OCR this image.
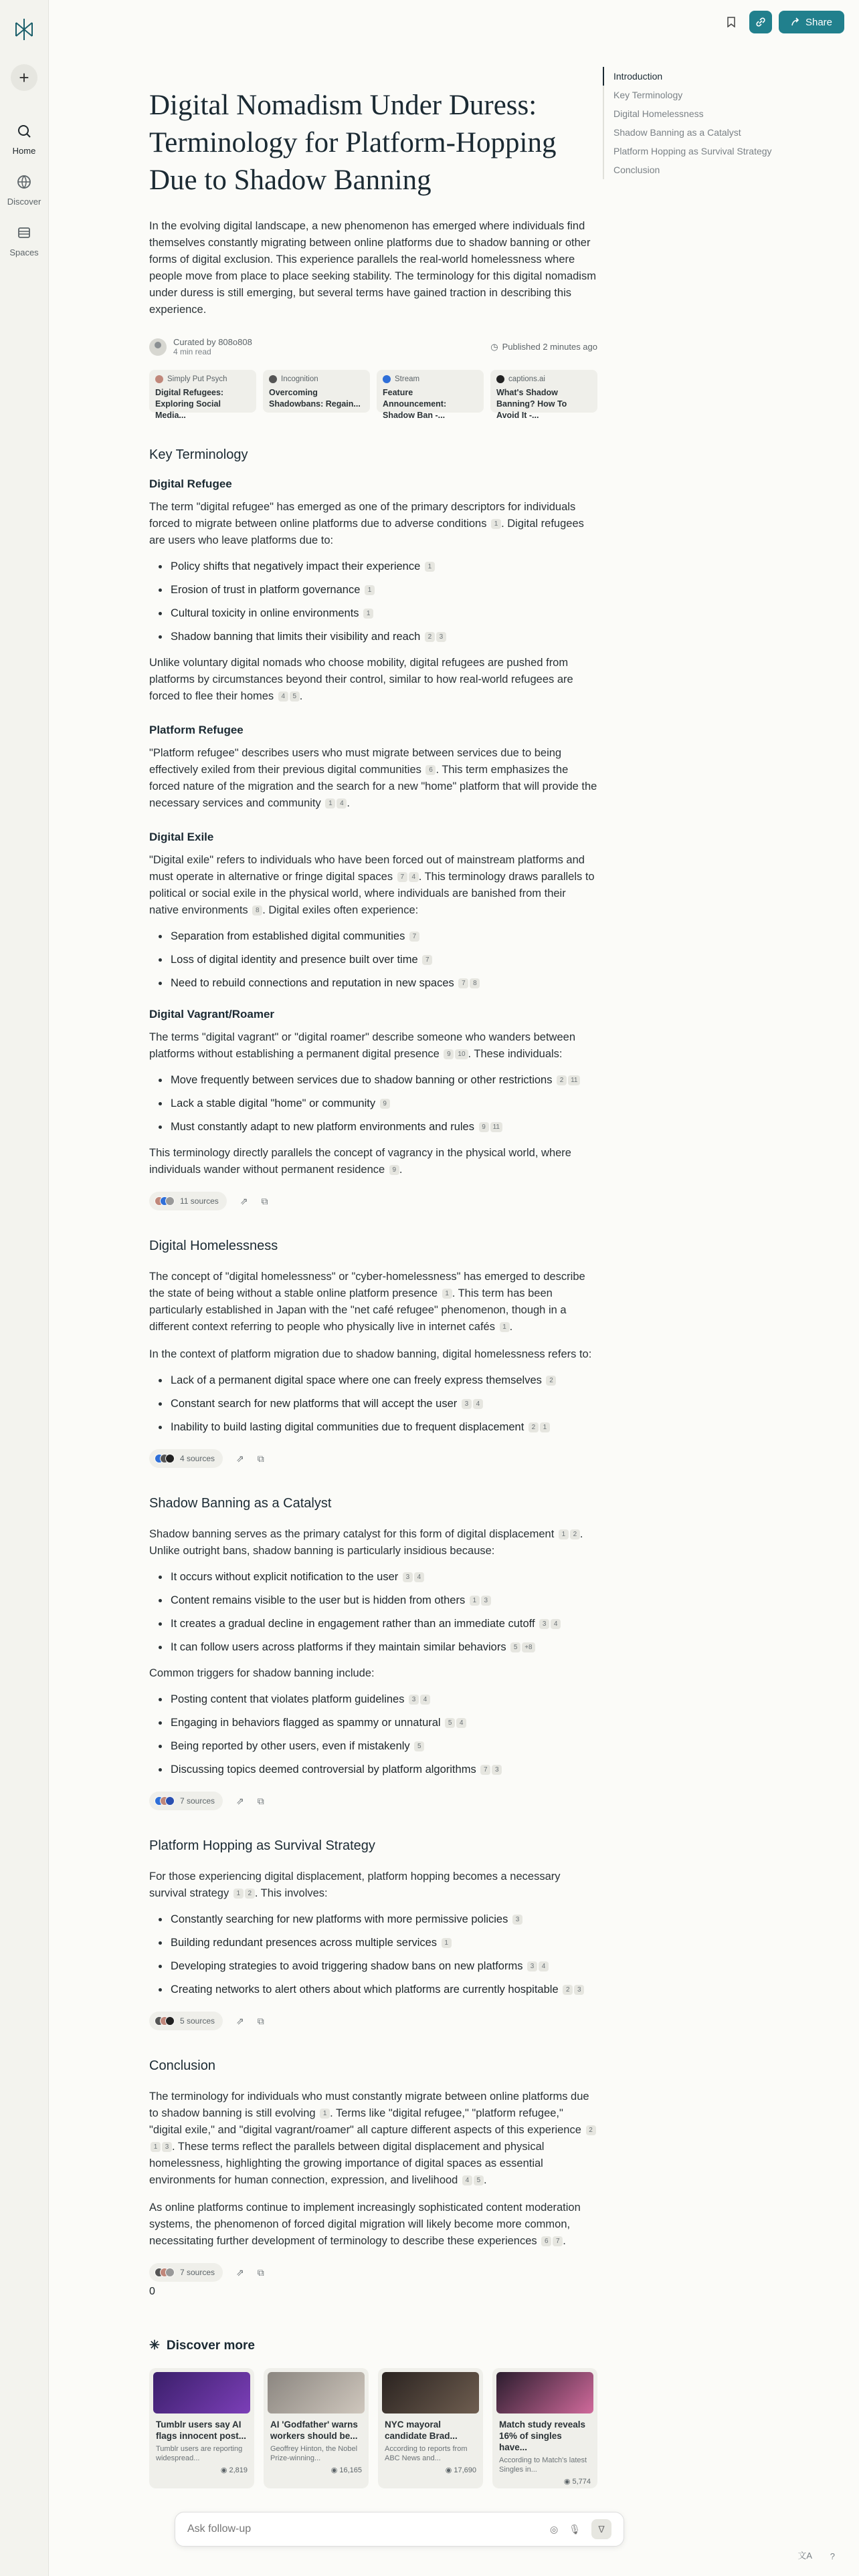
+
Home
Discover
Spaces
Share
Introduction
Key Terminology
Digital Homelessness
Shadow Banning as a Catalyst
Platform Hopping as Survival Strategy
Conclusion
Digital Nomadism Under Duress: Terminology for Platform-Hopping Due to Shadow Banning

In the evolving digital landscape, a new phenomenon has emerged where individuals find themselves constantly migrating between online platforms due to shadow banning or other forms of digital exclusion. This experience parallels the real-world homelessness where people move from place to place seeking stability. The terminology for this digital nomadism under duress is still emerging, but several terms have gained traction in describing this experience.

Curated by 808o808
4 min read
◷ Published 2 minutes ago
Simply Put Psych
Digital Refugees: Exploring Social Media...
Incognition
Overcoming Shadowbans: Regain...
Stream
Feature Announcement: Shadow Ban -...
captions.ai
What's Shadow Banning? How To Avoid It -...
Key Terminology
Digital Refugee

The term "digital refugee" has emerged as one of the primary descriptors for individuals forced to migrate between online platforms due to adverse conditions 1 . Digital refugees are users who leave platforms due to:

Policy shifts that negatively impact their experience 1
Erosion of trust in platform governance 1
Cultural toxicity in online environments 1
Shadow banning that limits their visibility and reach 2 3

Unlike voluntary digital nomads who choose mobility, digital refugees are pushed from platforms by circumstances beyond their control, similar to how real-world refugees are forced to flee their homes 4 5 .

Platform Refugee

"Platform refugee" describes users who must migrate between services due to being effectively exiled from their previous digital communities 6 . This term emphasizes the forced nature of the migration and the search for a new "home" platform that will provide the necessary services and community 1 4 .

Digital Exile

"Digital exile" refers to individuals who have been forced out of mainstream platforms and must operate in alternative or fringe digital spaces 7 4 . This terminology draws parallels to political or social exile in the physical world, where individuals are banished from their native environments 8 . Digital exiles often experience:

Separation from established digital communities 7
Loss of digital identity and presence built over time 7
Need to rebuild connections and reputation in new spaces 7 8
Digital Vagrant/Roamer

The terms "digital vagrant" or "digital roamer" describe someone who wanders between platforms without establishing a permanent digital presence 9 10 . These individuals:

Move frequently between services due to shadow banning or other restrictions 2 11
Lack a stable digital "home" or community 9
Must constantly adapt to new platform environments and rules 9 11

This terminology directly parallels the concept of vagrancy in the physical world, where individuals wander without permanent residence 9 .

11 sources ⇗ ⧉
Digital Homelessness

The concept of "digital homelessness" or "cyber-homelessness" has emerged to describe the state of being without a stable online platform presence 1 . This term has been particularly established in Japan with the "net café refugee" phenomenon, though in a different context referring to people who physically live in internet cafés 1 .

In the context of platform migration due to shadow banning, digital homelessness refers to:

Lack of a permanent digital space where one can freely express themselves 2
Constant search for new platforms that will accept the user 3 4
Inability to build lasting digital communities due to frequent displacement 2 1
4 sources ⇗ ⧉
Shadow Banning as a Catalyst

Shadow banning serves as the primary catalyst for this form of digital displacement 1 2 . Unlike outright bans, shadow banning is particularly insidious because:

It occurs without explicit notification to the user 3 4
Content remains visible to the user but is hidden from others 1 3
It creates a gradual decline in engagement rather than an immediate cutoff 3 4
It can follow users across platforms if they maintain similar behaviors 5 +8

Common triggers for shadow banning include:

Posting content that violates platform guidelines 3 4
Engaging in behaviors flagged as spammy or unnatural 5 4
Being reported by other users, even if mistakenly 5
Discussing topics deemed controversial by platform algorithms 7 3
7 sources ⇗ ⧉
Platform Hopping as Survival Strategy

For those experiencing digital displacement, platform hopping becomes a necessary survival strategy 1 2 . This involves:

Constantly searching for new platforms with more permissive policies 3
Building redundant presences across multiple services 1
Developing strategies to avoid triggering shadow bans on new platforms 3 4
Creating networks to alert others about which platforms are currently hospitable 2 3
5 sources ⇗ ⧉
Conclusion

The terminology for individuals who must constantly migrate between online platforms due to shadow banning is still evolving 1 . Terms like "digital refugee," "platform refugee," "digital exile," and "digital vagrant/roamer" all capture different aspects of this experience 21 3 . These terms reflect the parallels between digital displacement and physical homelessness, highlighting the growing importance of digital spaces as essential environments for human connection, expression, and livelihood 4 5 .

As online platforms continue to implement increasingly sophisticated content moderation systems, the phenomenon of forced digital migration will likely become more common, necessitating further development of terminology to describe these experiences 6 7 .

7 sources ⇗ ⧉
0
✳ Discover more
Tumblr users say AI flags innocent post...
Tumblr users are reporting widespread...
◉ 2,819
AI 'Godfather' warns workers should be...
Geoffrey Hinton, the Nobel Prize-winning...
◉ 16,165
NYC mayoral candidate Brad...
According to reports from ABC News and...
◉ 17,690
Match study reveals 16% of singles have...
According to Match's latest Singles in...
◉ 5,774
Ask follow-up
◎ 🎙 ᐁ
文A ?
